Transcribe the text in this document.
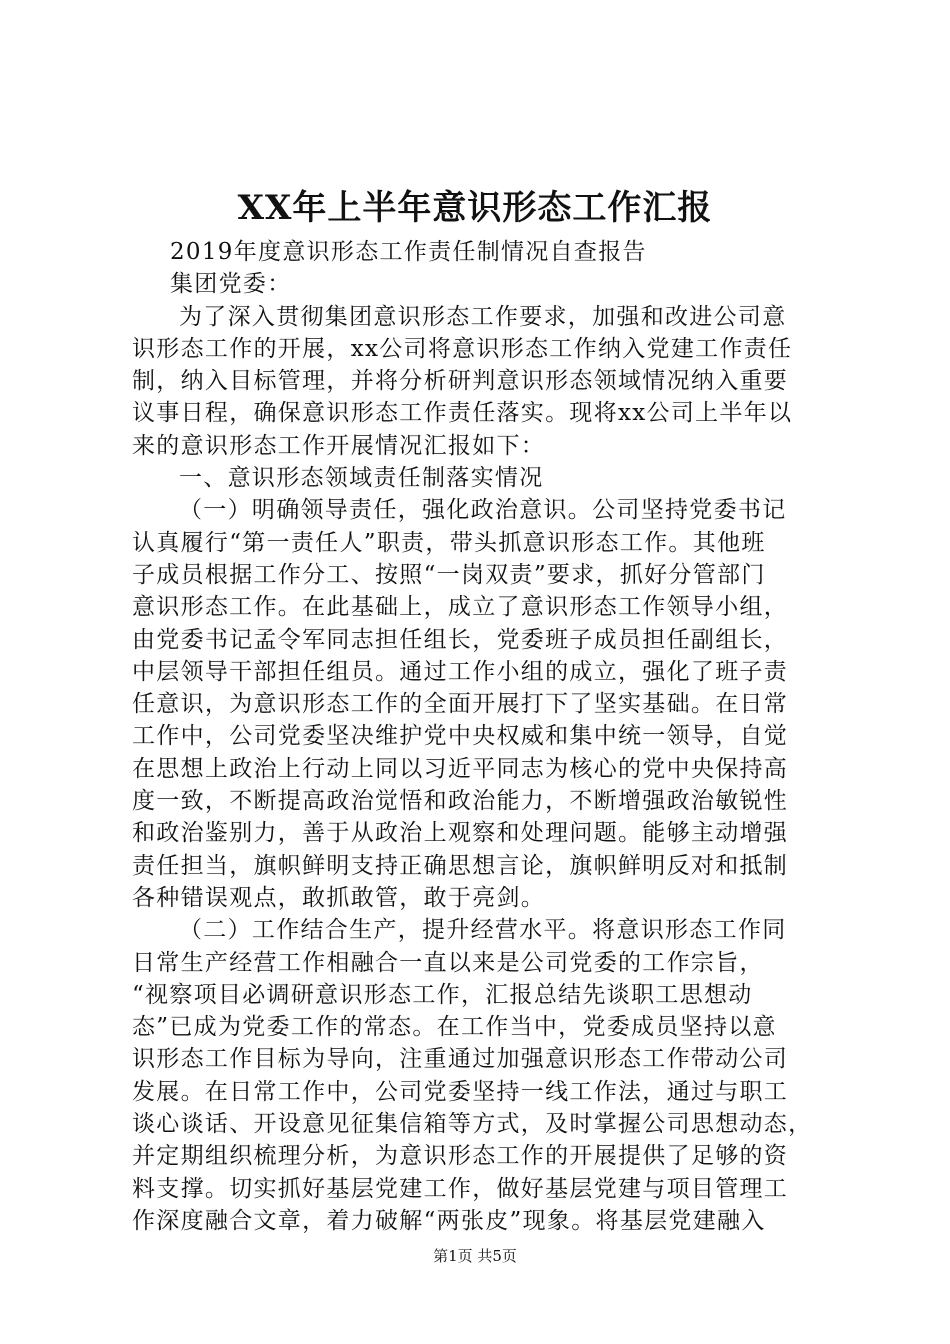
XX年上半年意识形态工作汇报
2019年度意识形态工作责任制情况自查报告
集团党委：
为了深入贯彻集团意识形态工作要求，加强和改进公司意
识形态工作的开展，xx公司将意识形态工作纳入党建工作责任
制，纳入目标管理，并将分析研判意识形态领域情况纳入重要
议事日程，确保意识形态工作责任落实。现将xx公司上半年以
来的意识形态工作开展情况汇报如下：
一、意识形态领域责任制落实情况
（一）明确领导责任，强化政治意识。公司坚持党委书记
认真履行“第一责任人”职责，带头抓意识形态工作。其他班
子成员根据工作分工、按照“一岗双责”要求，抓好分管部门
意识形态工作。在此基础上，成立了意识形态工作领导小组，
由党委书记孟令军同志担任组长，党委班子成员担任副组长，
中层领导干部担任组员。通过工作小组的成立，强化了班子责
任意识，为意识形态工作的全面开展打下了坚实基础。在日常
工作中，公司党委坚决维护党中央权威和集中统一领导，自觉
在思想上政治上行动上同以习近平同志为核心的党中央保持高
度一致，不断提高政治觉悟和政治能力，不断增强政治敏锐性
和政治鉴别力，善于从政治上观察和处理问题。能够主动增强
责任担当，旗帜鲜明支持正确思想言论，旗帜鲜明反对和抵制
各种错误观点，敢抓敢管，敢于亮剑。
（二）工作结合生产，提升经营水平。将意识形态工作同
日常生产经营工作相融合一直以来是公司党委的工作宗旨，
“视察项目必调研意识形态工作，汇报总结先谈职工思想动
态”已成为党委工作的常态。在工作当中，党委成员坚持以意
识形态工作目标为导向，注重通过加强意识形态工作带动公司
发展。在日常工作中，公司党委坚持一线工作法，通过与职工
谈心谈话、开设意见征集信箱等方式，及时掌握公司思想动态，
并定期组织梳理分析，为意识形态工作的开展提供了足够的资
料支撑。切实抓好基层党建工作，做好基层党建与项目管理工
作深度融合文章，着力破解“两张皮”现象。将基层党建融入
第1页 共5页
